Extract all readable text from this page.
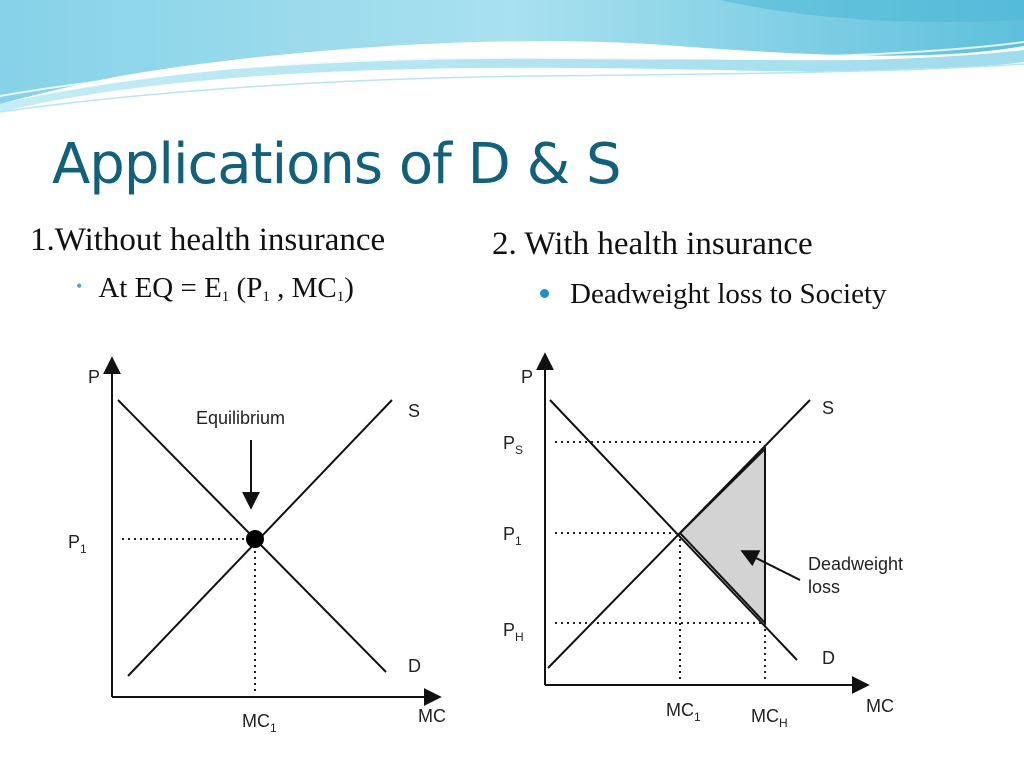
Applications of D & S
1.Without health insurance	2. With health insurance
• At EQ = $E_1$ ($P_1$ , $MC_1$)	Deadweight loss to Society
Equilibrium
P
MC
S
D
$P_1$
$MC_1$
Deadweight
loss
P
MC
S
D
$P_S$
$P_1$
$P_H$
$MC_1$	$MC_H$
